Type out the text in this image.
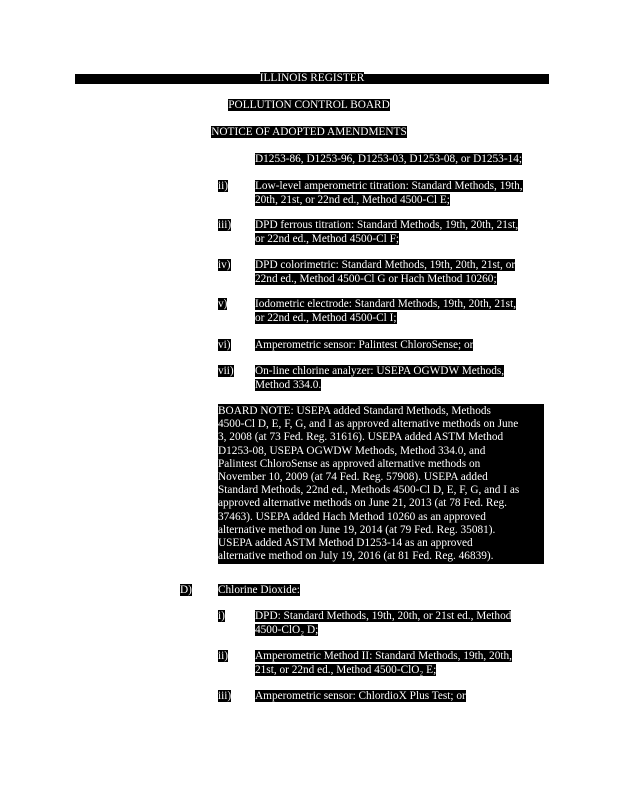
ILLINOIS REGISTER
POLLUTION CONTROL BOARD
NOTICE OF ADOPTED AMENDMENTS
D1253-86, D1253-96, D1253-03, D1253-08, or D1253-14;
ii) Low-level amperometric titration: Standard Methods, 19th,
20th, 21st, or 22nd ed., Method 4500-Cl E;
iii) DPD ferrous titration: Standard Methods, 19th, 20th, 21st,
or 22nd ed., Method 4500-Cl F;
iv) DPD colorimetric: Standard Methods, 19th, 20th, 21st, or
22nd ed., Method 4500-Cl G or Hach Method 10260;
v) Iodometric electrode: Standard Methods, 19th, 20th, 21st,
or 22nd ed., Method 4500-Cl I;
vi) Amperometric sensor: Palintest ChloroSense; or
vii) On-line chlorine analyzer: USEPA OGWDW Methods,
Method 334.0.
BOARD NOTE: USEPA added Standard Methods, Methods
4500-Cl D, E, F, G, and I as approved alternative methods on June
3, 2008 (at 73 Fed. Reg. 31616). USEPA added ASTM Method
D1253-08, USEPA OGWDW Methods, Method 334.0, and
Palintest ChloroSense as approved alternative methods on
November 10, 2009 (at 74 Fed. Reg. 57908). USEPA added
Standard Methods, 22nd ed., Methods 4500-Cl D, E, F, G, and I as
approved alternative methods on June 21, 2013 (at 78 Fed. Reg.
37463). USEPA added Hach Method 10260 as an approved
alternative method on June 19, 2014 (at 79 Fed. Reg. 35081).
USEPA added ASTM Method D1253-14 as an approved
alternative method on July 19, 2016 (at 81 Fed. Reg. 46839).
D) Chlorine Dioxide:
i)	DPD: Standard Methods, 19th, 20th, or 21st ed., Method
4500-ClO₂ D;
ii) Amperometric Method II: Standard Methods, 19th, 20th,
21st, or 22nd ed., Method 4500-ClO₂ E;
iii) Amperometric sensor: ChlordioX Plus Test; or
